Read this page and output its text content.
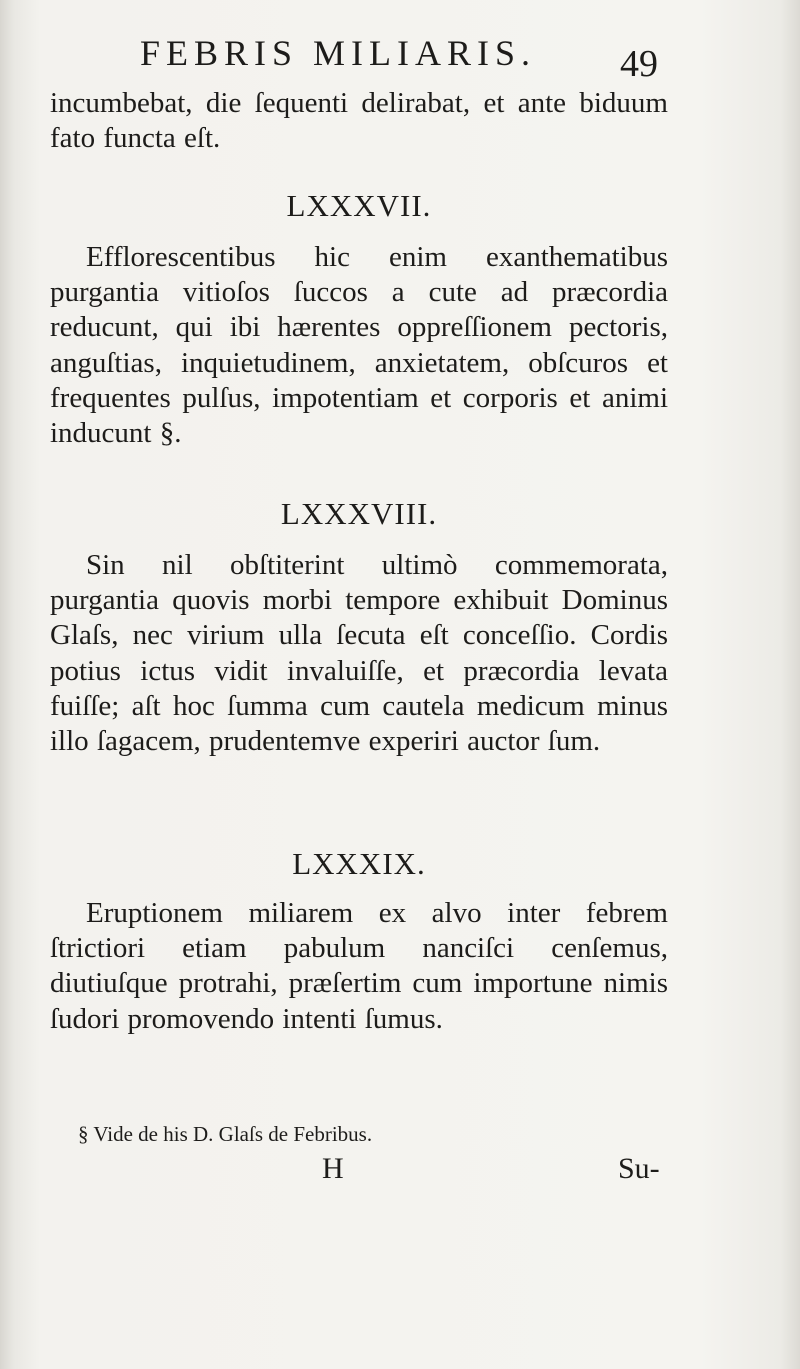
FEBRIS MILIARIS. 49
incumbebat, die ſequenti delirabat, et ante biduum fato functa eſt.
LXXXVII.
Efflorescentibus hic enim exanthematibus purgantia vitioſos ſuccos a cute ad præcordia reducunt, qui ibi hærentes oppreſſionem pectoris, anguſtias, inquietudinem, anxietatem, obſcuros et frequentes pulſus, impotentiam et corporis et animi inducunt §.
LXXXVIII.
Sin nil obſtiterint ultimò commemorata, purgantia quovis morbi tempore exhibuit Dominus Glaſs, nec virium ulla ſecuta eſt conceſſio. Cordis potius ictus vidit invaluiſſe, et præcordia levata fuiſſe; aſt hoc ſumma cum cautela medicum minus illo ſagacem, prudentemve experiri auctor ſum.
LXXXIX.
Eruptionem miliarem ex alvo inter febrem ſtrictiori etiam pabulum nanciſci cenſemus, diutiuſque protrahi, præſertim cum importune nimis ſudori promovendo intenti ſumus.
§ Vide de his D. Glaſs de Febribus.
H	Su-
